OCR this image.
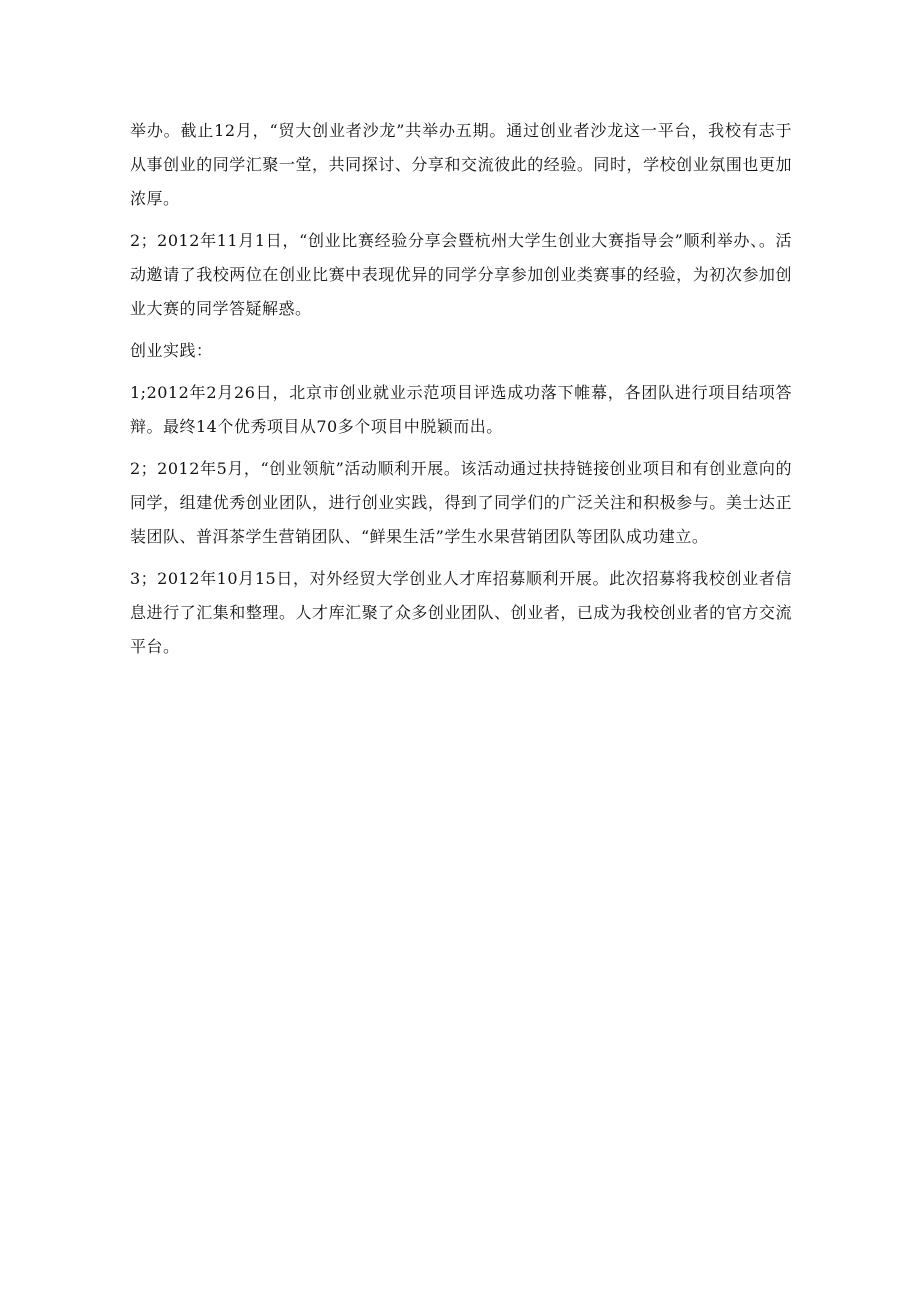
举办。截止12月，“贸大创业者沙龙”共举办五期。通过创业者沙龙这一平台，我校有志于从事创业的同学汇聚一堂，共同探讨、分享和交流彼此的经验。同时，学校创业氛围也更加浓厚。

2；2012年11月1日，“创业比赛经验分享会暨杭州大学生创业大赛指导会”顺利举办、。活动邀请了我校两位在创业比赛中表现优异的同学分享参加创业类赛事的经验，为初次参加创业大赛的同学答疑解惑。

创业实践：

1;2012年2月26日，北京市创业就业示范项目评选成功落下帷幕，各团队进行项目结项答辩。最终14个优秀项目从70多个项目中脱颖而出。

2；2012年5月，“创业领航”活动顺利开展。该活动通过扶持链接创业项目和有创业意向的同学，组建优秀创业团队，进行创业实践，得到了同学们的广泛关注和积极参与。美士达正装团队、普洱茶学生营销团队、“鲜果生活”学生水果营销团队等团队成功建立。

3；2012年10月15日，对外经贸大学创业人才库招募顺利开展。此次招募将我校创业者信息进行了汇集和整理。人才库汇聚了众多创业团队、创业者，已成为我校创业者的官方交流平台。
